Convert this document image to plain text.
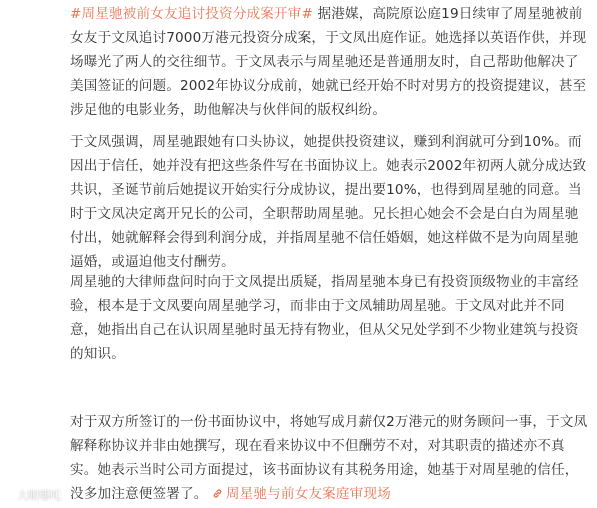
#周星驰被前女友追讨投资分成案开审# 据港媒，高院原讼庭19日续审了周星驰被前女友于文凤追讨7000万港元投资分成案，于文凤出庭作证。她选择以英语作供，并现场曝光了两人的交往细节。于文凤表示与周星驰还是普通朋友时，自己帮助他解决了美国签证的问题。2002年协议分成前，她就已经开始不时对男方的投资提建议，甚至涉足他的电影业务，助他解决与伙伴间的版权纠纷。

于文凤强调，周星驰跟她有口头协议，她提供投资建议，赚到利润就可分到10%。而因出于信任，她并没有把这些条件写在书面协议上。她表示2002年初两人就分成达致共识，圣诞节前后她提议开始实行分成协议，提出要10%，也得到周星驰的同意。当时于文凤决定离开兄长的公司，全职帮助周星驰。兄长担心她会不会是白白为周星驰付出，她就解释会得到利润分成，并指周星驰不信任婚姻，她这样做不是为向周星驰逼婚，或逼迫他支付酬劳。

周星驰的大律师盘问时向于文凤提出质疑，指周星驰本身已有投资顶级物业的丰富经验，根本是于文凤要向周星驰学习，而非由于文凤辅助周星驰。于文凤对此并不同意，她指出自己在认识周星驰时虽无持有物业，但从父兄处学到不少物业建筑与投资的知识。

对于双方所签订的一份书面协议中，将她写成月薪仅2万港元的财务顾问一事，于文凤解释称协议并非由她撰写，现在看来协议中不但酬劳不对，对其职责的描述亦不真实。她表示当时公司方面提过，该书面协议有其税务用途，她基于对周星驰的信任，没多加注意便签署了。 周星驰与前女友案庭审现场

大眼哪吒
